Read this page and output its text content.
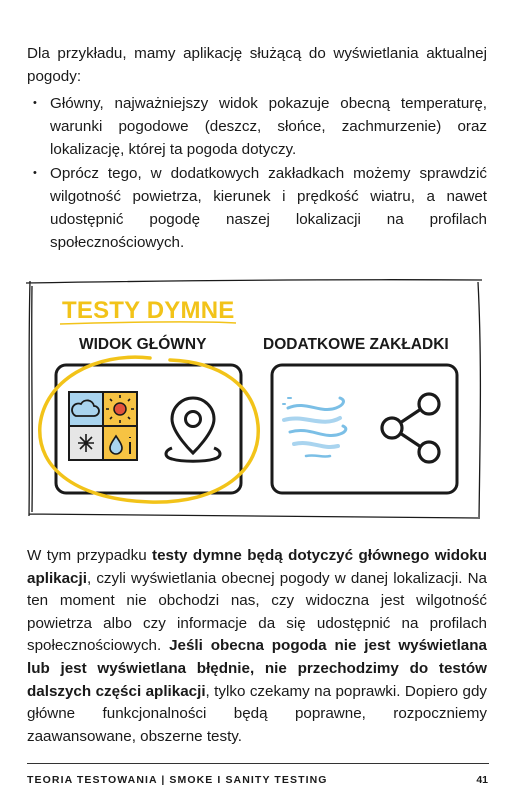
Dla przykładu, mamy aplikację służącą do wyświetlania aktualnej pogody:

• Główny, najważniejszy widok pokazuje obecną temperaturę, warunki pogodowe (deszcz, słońce, zachmurzenie) oraz lokalizację, której ta pogoda dotyczy.
• Oprócz tego, w dodatkowych zakładkach możemy sprawdzić wilgotność powietrza, kierunek i prędkość wiatru, a nawet udostępnić pogodę naszej lokalizacji na profilach społecznościowych.
TESTY DYMNE
WIDOK GŁÓWNY	DODATKOWE ZAKŁADKI

W tym przypadku testy dymne będą dotyczyć głównego widoku aplikacji, czyli wyświetlania obecnej pogody w danej lokalizacji. Na ten moment nie obchodzi nas, czy widoczna jest wilgotność powietrza albo czy informacje da się udostępnić na profilach społecznościowych. Jeśli obecna pogoda nie jest wyświetlana lub jest wyświetlana błędnie, nie przechodzimy do testów dalszych części aplikacji, tylko czekamy na poprawki. Dopiero gdy główne funkcjonalności będą poprawne, rozpoczniemy zaawansowane, obszerne testy.

TEORIA TESTOWANIA | SMOKE I SANITY TESTING	41
